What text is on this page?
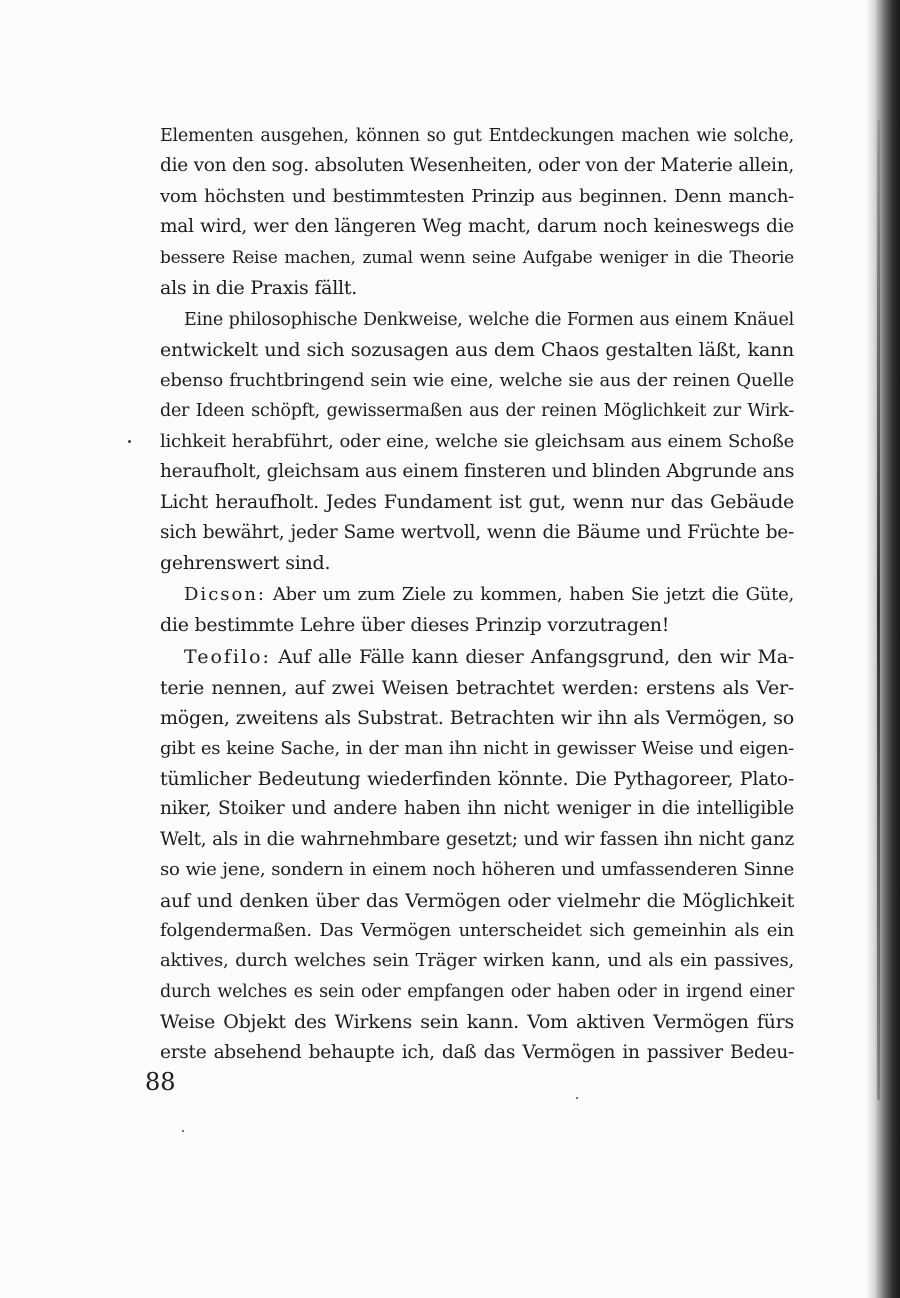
Elementen ausgehen, können so gut Entdeckungen machen wie solche,
die von den sog. absoluten Wesenheiten, oder von der Materie allein,
vom höchsten und bestimmtesten Prinzip aus beginnen. Denn manch-
mal wird, wer den längeren Weg macht, darum noch keineswegs die
bessere Reise machen, zumal wenn seine Aufgabe weniger in die Theorie
als in die Praxis fällt.
Eine philosophische Denkweise, welche die Formen aus einem Knäuel
entwickelt und sich sozusagen aus dem Chaos gestalten läßt, kann
ebenso fruchtbringend sein wie eine, welche sie aus der reinen Quelle
der Ideen schöpft, gewissermaßen aus der reinen Möglichkeit zur Wirk-
lichkeit herabführt, oder eine, welche sie gleichsam aus einem Schoße
heraufholt, gleichsam aus einem finsteren und blinden Abgrunde ans
Licht heraufholt. Jedes Fundament ist gut, wenn nur das Gebäude
sich bewährt, jeder Same wertvoll, wenn die Bäume und Früchte be-
gehrenswert sind.
Dicson: Aber um zum Ziele zu kommen, haben Sie jetzt die Güte,
die bestimmte Lehre über dieses Prinzip vorzutragen!
Teofilo: Auf alle Fälle kann dieser Anfangsgrund, den wir Ma-
terie nennen, auf zwei Weisen betrachtet werden: erstens als Ver-
mögen, zweitens als Substrat. Betrachten wir ihn als Vermögen, so
gibt es keine Sache, in der man ihn nicht in gewisser Weise und eigen-
tümlicher Bedeutung wiederfinden könnte. Die Pythagoreer, Plato-
niker, Stoiker und andere haben ihn nicht weniger in die intelligible
Welt, als in die wahrnehmbare gesetzt; und wir fassen ihn nicht ganz
so wie jene, sondern in einem noch höheren und umfassenderen Sinne
auf und denken über das Vermögen oder vielmehr die Möglichkeit
folgendermaßen. Das Vermögen unterscheidet sich gemeinhin als ein
aktives, durch welches sein Träger wirken kann, und als ein passives,
durch welches es sein oder empfangen oder haben oder in irgend einer
Weise Objekt des Wirkens sein kann. Vom aktiven Vermögen fürs
erste absehend behaupte ich, daß das Vermögen in passiver Bedeu-
88
